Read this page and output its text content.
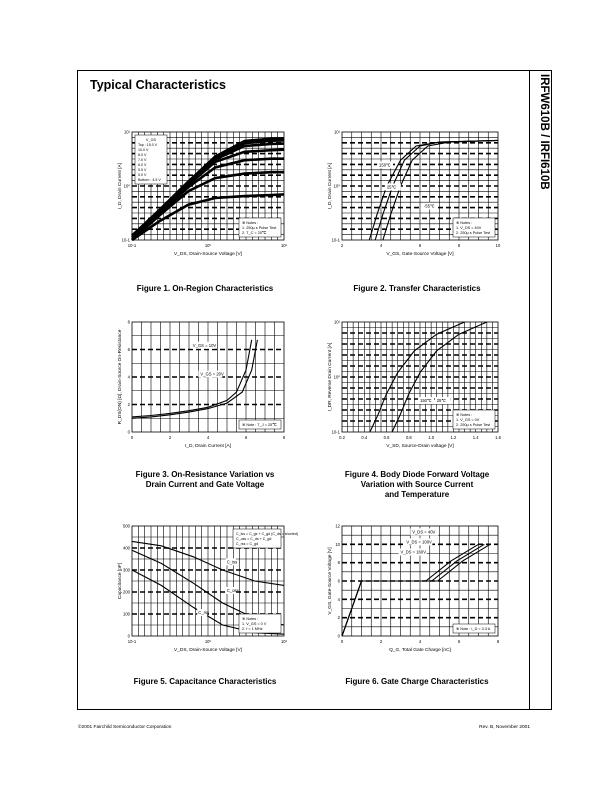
IRFW610B / IRFI610B
Typical Characteristics
10-1	10⁰	10¹
10-1
10⁰
10¹
V_DS, Drain-Source Voltage [V]
I_D, Drain Current [A]
※ Notes :
1. 250μ s Pulse Test
2. T_C = 25℃
V_GS
Top : 15.0 V
10.0 V
8.0 V
7.0 V
6.0 V
5.5 V
5.0 V
Bottom : 4.5 V
2	4	6	8	10
10-1
10⁰
10¹
V_GS, Gate-Source Voltage [V]
I_D, Drain Current [A]
※ Notes :
1. V_DS = 40V
2. 250μ s Pulse Test
150℃
25℃
-55℃
0	2	4	6	8
0
2
4
6
8
I_D, Drain Current [A]
R_DS(ON) [Ω], Drain-Source On-Resistance
※ Note : T_J = 25℃
V_GS = 10V
V_GS = 20V
0.2	0.4	0.6	0.8	1.0	1.2	1.4	1.6
10-1
10⁰
10¹
V_SD, Source-Drain voltage [V]
I_DR, Reverse Drain Current [A]
※ Notes :
1. V_GS = 0V
2. 250μ s Pulse Test
150℃ 25℃
10-1	10⁰	10¹
0
100
200
300
400
500
V_DS, Drain-Source Voltage [V]
Capacitance [pF]
※ Notes :
1. V_GS = 0 V
2. f = 1 MHz
C_iss = C_gs + C_gd (C_ds = shorted)
C_oss = C_ds + C_gd
C_rss = C_gd
C_iss
C_oss
C_rss
0	2	4	6	8
0
2
4
6
8
10
12
Q_G, Total Gate Charge [nC]
V_GS, Gate-Source Voltage [V]
※ Note : I_D = 3.3 A
V_DS = 40V
V_DS = 100V
V_DS = 160V
Figure 1. On-Region Characteristics	Figure 2. Transfer Characteristics
Figure 3. On-Resistance Variation vs
Drain Current and Gate Voltage
Figure 4. Body Diode Forward Voltage
Variation with Source Current
and Temperature
Figure 5. Capacitance Characteristics	Figure 6. Gate Charge Characteristics
©2001 Fairchild Semiconductor Corporation	Rev. B, November 2001
